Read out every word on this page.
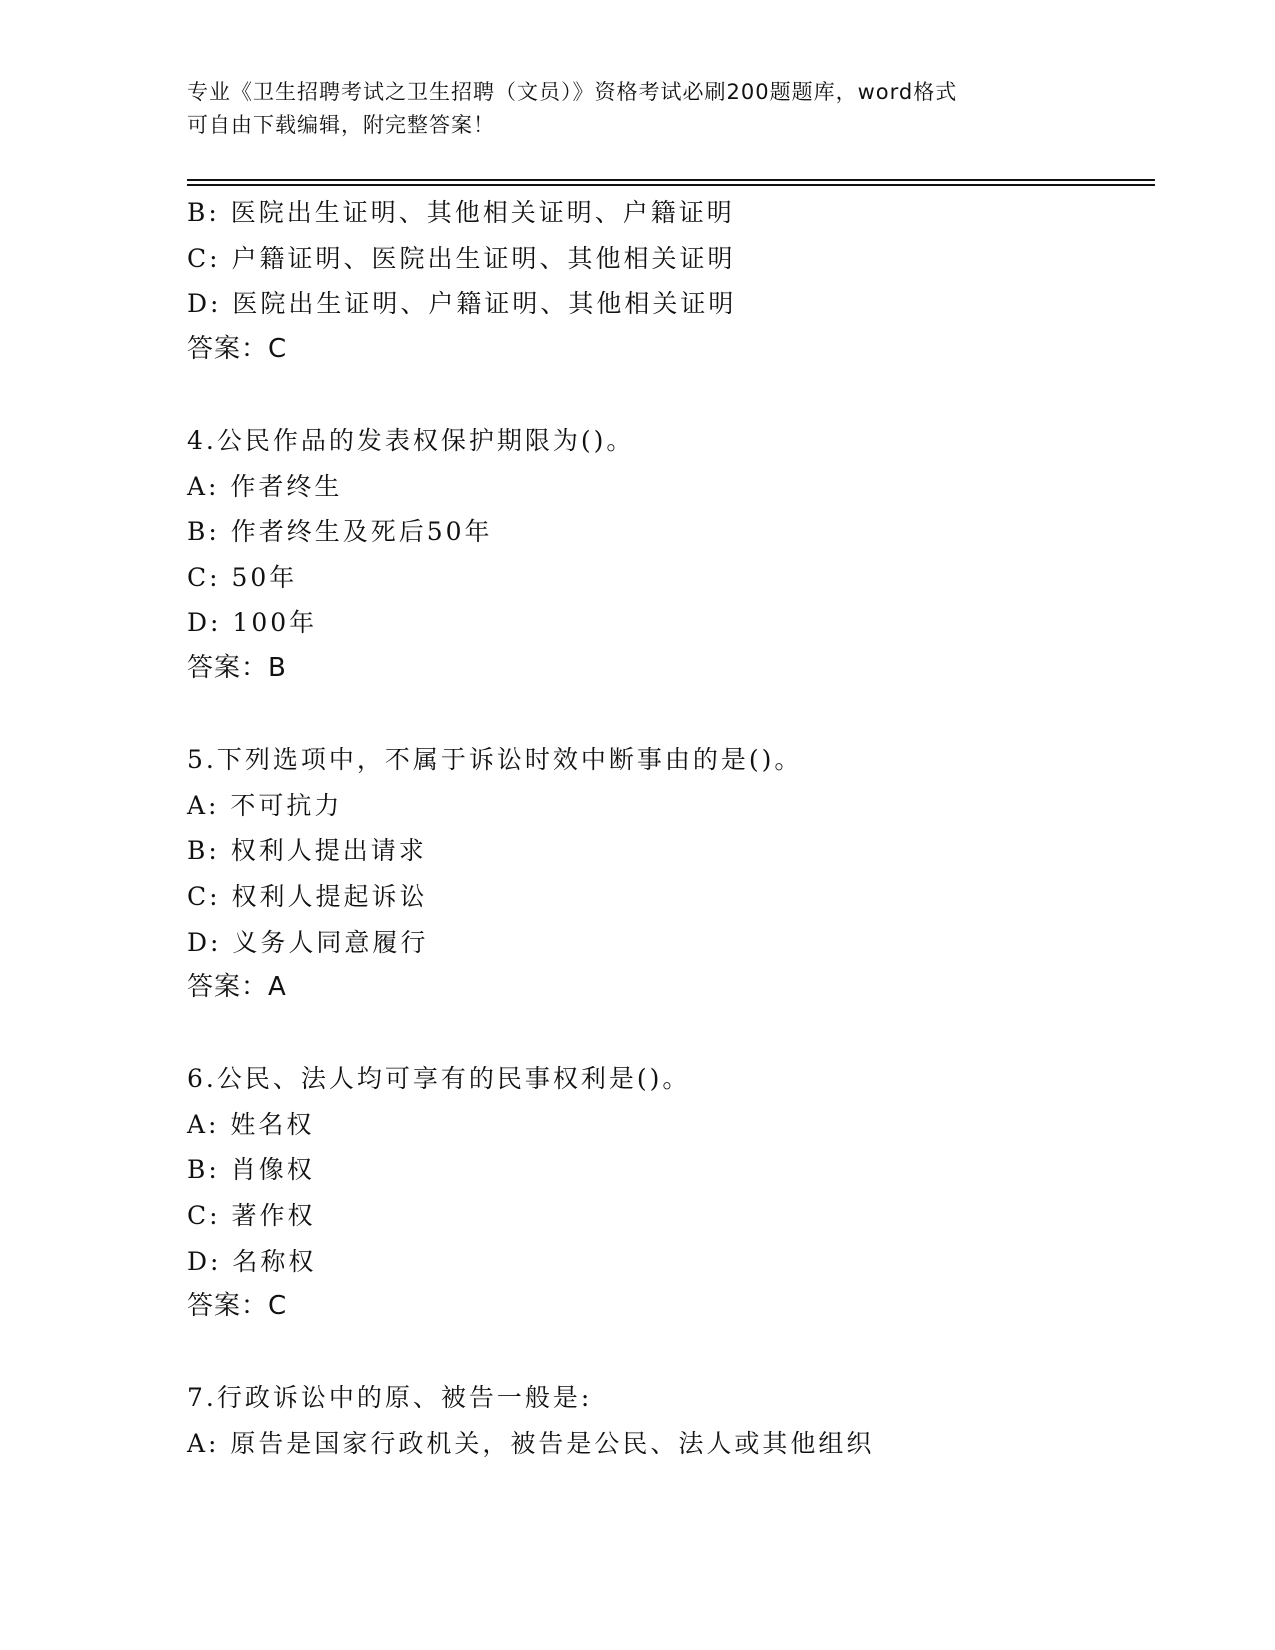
专业《卫生招聘考试之卫生招聘（文员）》资格考试必刷200题题库，word格式
可自由下载编辑，附完整答案！
B: 医院出生证明、其他相关证明、户籍证明
C: 户籍证明、医院出生证明、其他相关证明
D: 医院出生证明、户籍证明、其他相关证明
答案：C
4.公民作品的发表权保护期限为()。
A: 作者终生
B: 作者终生及死后50年
C: 50年
D: 100年
答案：B
5.下列选项中，不属于诉讼时效中断事由的是()。
A: 不可抗力
B: 权利人提出请求
C: 权利人提起诉讼
D: 义务人同意履行
答案：A
6.公民、法人均可享有的民事权利是()。
A: 姓名权
B: 肖像权
C: 著作权
D: 名称权
答案：C
7.行政诉讼中的原、被告一般是:
A: 原告是国家行政机关，被告是公民、法人或其他组织
